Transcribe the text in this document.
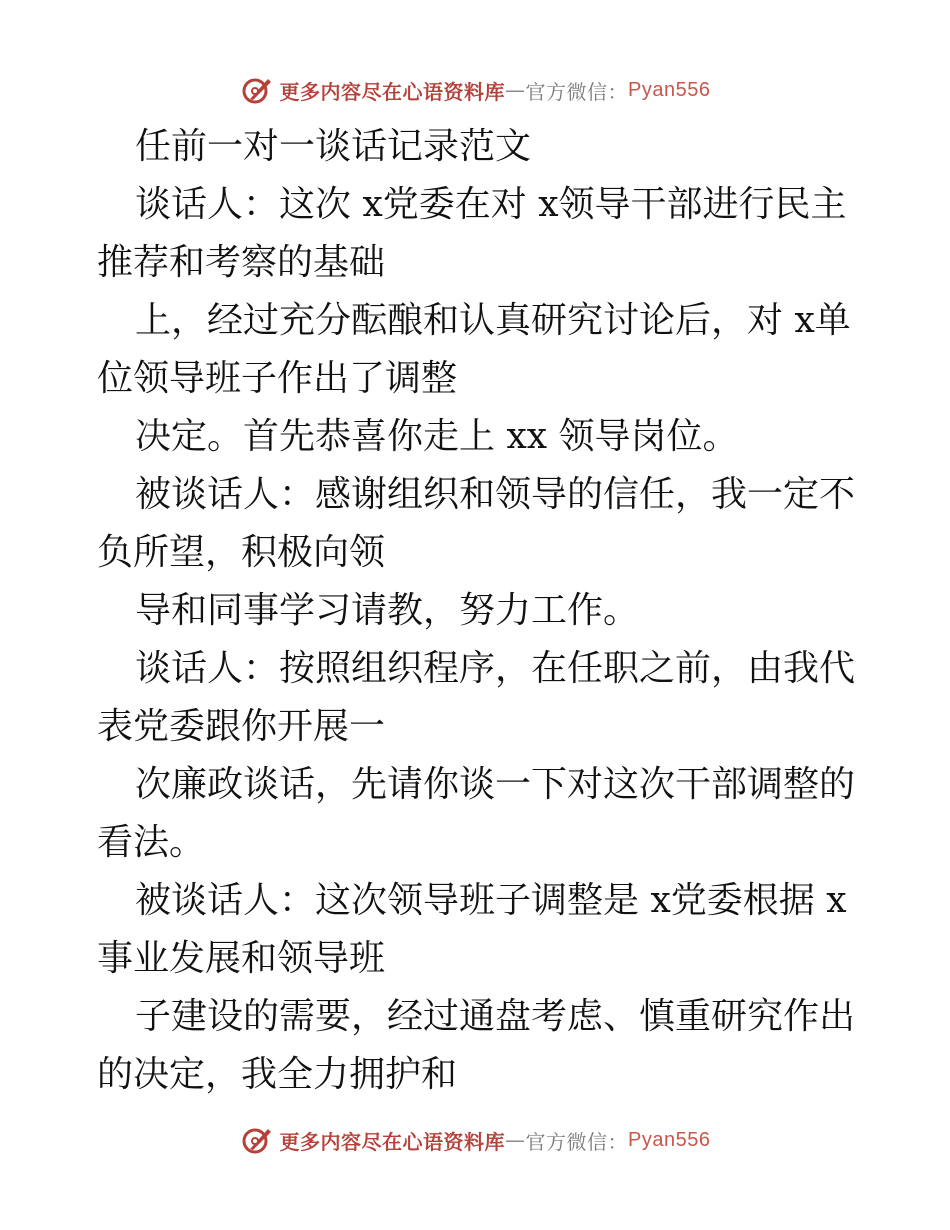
更多内容尽在心语资料库 — 官方微信： Pyan556

任前一对一谈话记录范文

谈话人：这次 x党委在对 x领导干部进行民主推荐和考察的基础

上，经过充分酝酿和认真研究讨论后，对 x单位领导班子作出了调整

决定。首先恭喜你走上 xx 领导岗位。

被谈话人：感谢组织和领导的信任，我一定不负所望，积极向领

导和同事学习请教，努力工作。

谈话人：按照组织程序，在任职之前，由我代表党委跟你开展一

次廉政谈话，先请你谈一下对这次干部调整的看法。

被谈话人：这次领导班子调整是 x党委根据 x事业发展和领导班

子建设的需要，经过通盘考虑、慎重研究作出的决定，我全力拥护和

更多内容尽在心语资料库 — 官方微信： Pyan556
